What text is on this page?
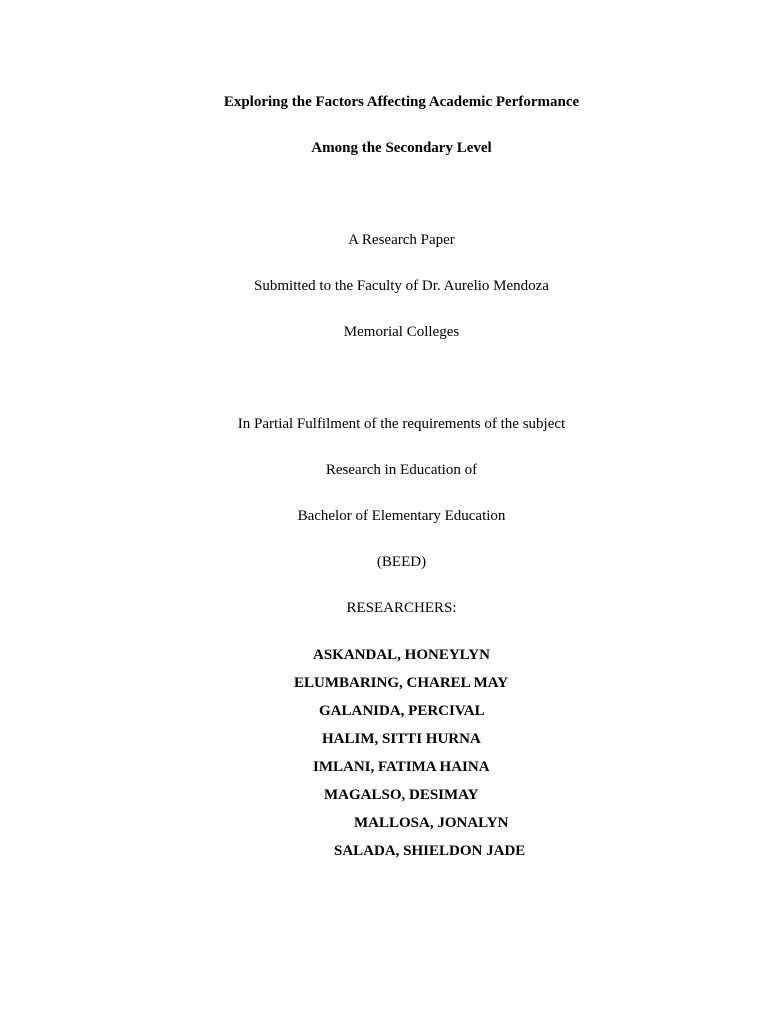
Exploring the Factors Affecting Academic Performance
Among the Secondary Level
A Research Paper
Submitted to the Faculty of Dr. Aurelio Mendoza
Memorial Colleges
In Partial Fulfilment of the requirements of the subject
Research in Education of
Bachelor of Elementary Education
(BEED)
RESEARCHERS:
ASKANDAL, HONEYLYN
ELUMBARING, CHAREL MAY
GALANIDA, PERCIVAL
HALIM, SITTI HURNA
IMLANI, FATIMA HAINA
MAGALSO, DESIMAY
MALLOSA, JONALYN
SALADA, SHIELDON JADE
